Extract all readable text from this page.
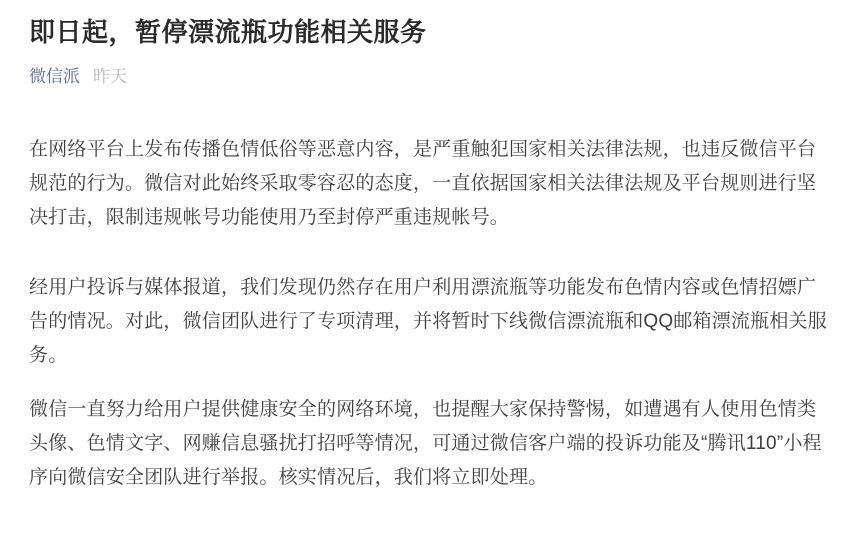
即日起，暂停漂流瓶功能相关服务
微信派 昨天

在网络平台上发布传播色情低俗等恶意内容，是严重触犯国家相关法律法规，也违反微信平台规范的行为。微信对此始终采取零容忍的态度，一直依据国家相关法律法规及平台规则进行坚决打击，限制违规帐号功能使用乃至封停严重违规帐号。

经用户投诉与媒体报道，我们发现仍然存在用户利用漂流瓶等功能发布色情内容或色情招嫖广告的情况。对此，微信团队进行了专项清理，并将暂时下线微信漂流瓶和QQ邮箱漂流瓶相关服务。

微信一直努力给用户提供健康安全的网络环境，也提醒大家保持警惕，如遭遇有人使用色情类头像、色情文字、网赚信息骚扰打招呼等情况，可通过微信客户端的投诉功能及“腾讯110”小程序向微信安全团队进行举报。核实情况后，我们将立即处理。
